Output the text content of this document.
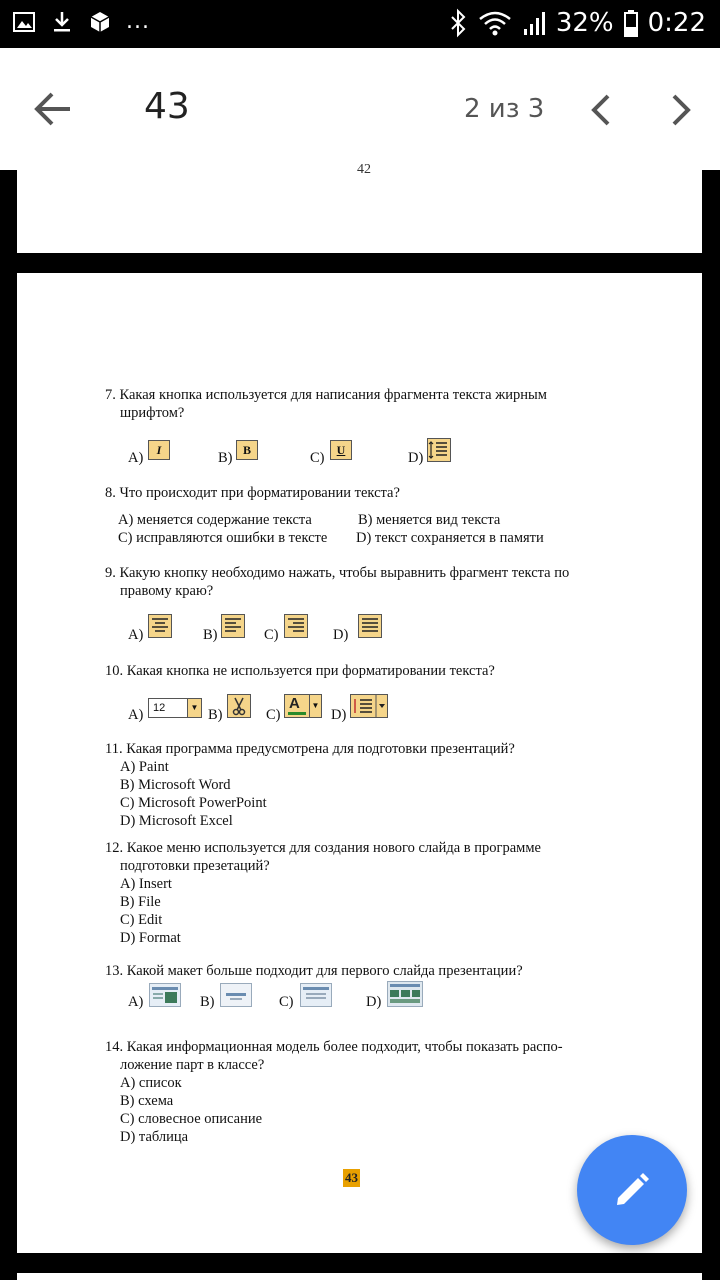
...	32% 0:22
43	2 из 3
42

7. Какая кнопка используется для написания фрагмента текста жирным

шрифтом?

A)	I	B) B	C)	U	D)

8. Что происходит при форматировании текста?

A) меняется содержание текста	B) меняется вид текста
C) исправляются ошибки в тексте D) текст сохраняется в памяти

9. Какую кнопку необходимо нажать, чтобы выравнить фрагмент текста по

правому краю?

A)	B)	C)	D)

10. Какая кнопка не используется при форматировании текста?

A) 12	▼ B)	C)
A	▼
D)

11. Какая программа предусмотрена для подготовки презентаций?

A) Paint

B) Microsoft Word

C) Microsoft PowerPoint

D) Microsoft Excel

12. Какое меню используется для создания нового слайда в программе

подготовки презетаций?

A) Insert

B) File

C) Edit

D) Format

13. Какой макет больше подходит для первого слайда презентации?

A)	B)	C)	D)

14. Какая информационная модель более подходит, чтобы показать распо-

ложение парт в классе?

A) список

B) схема

C) словесное описание

D) таблица

43
